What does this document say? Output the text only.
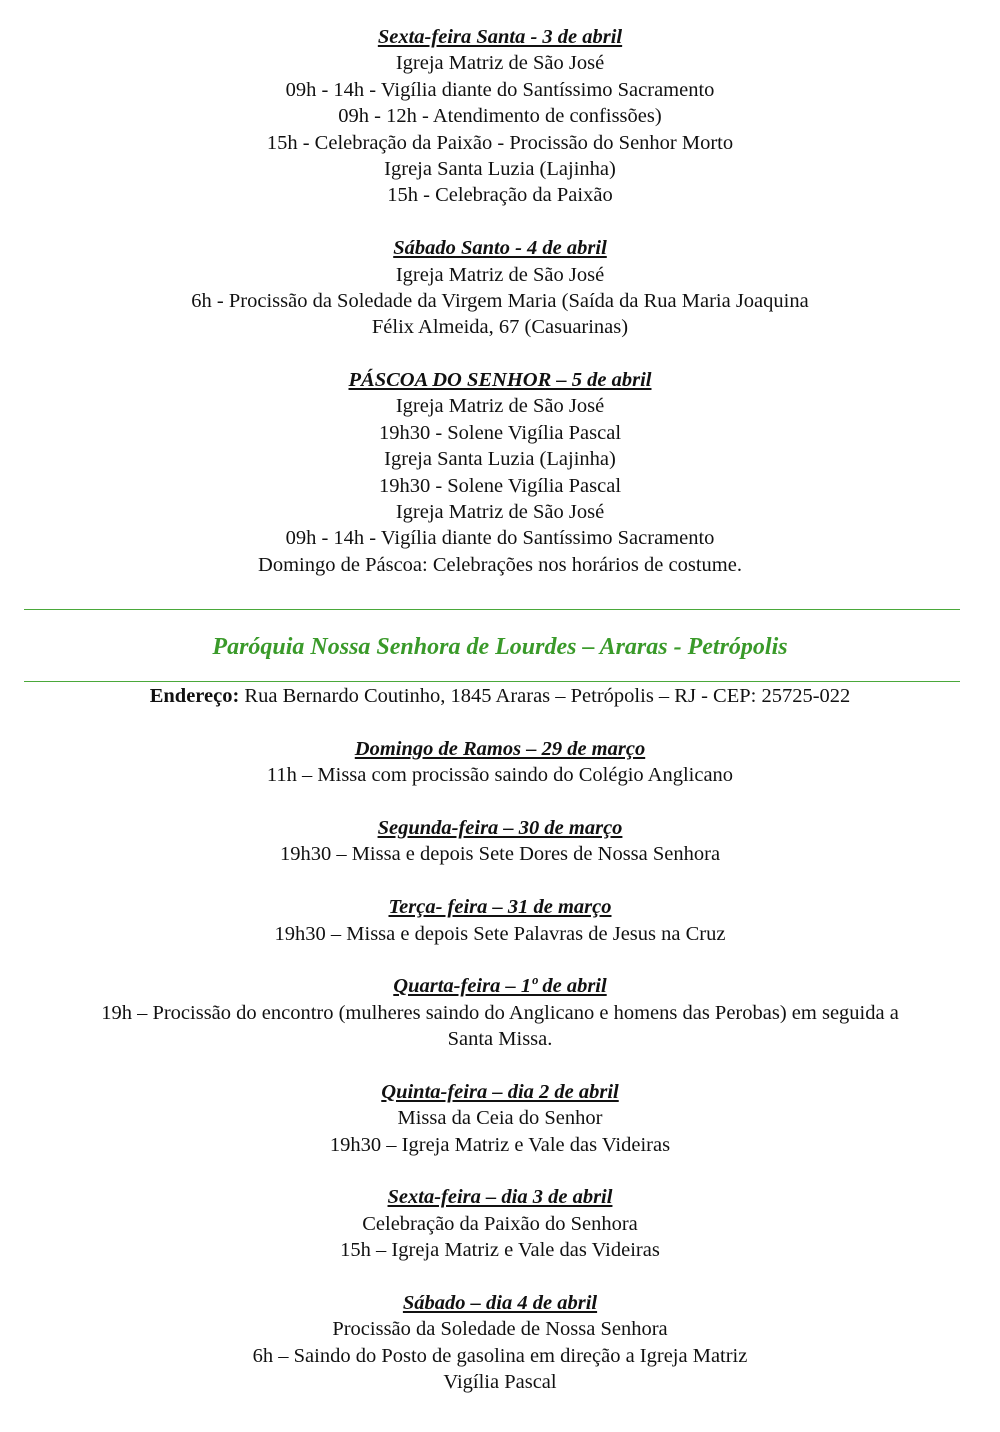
Sexta-feira Santa - 3 de abril
Igreja Matriz de São José
09h - 14h - Vigília diante do Santíssimo Sacramento
09h - 12h - Atendimento de confissões)
15h - Celebração da Paixão - Procissão do Senhor Morto
Igreja Santa Luzia (Lajinha)
15h - Celebração da Paixão
Sábado Santo - 4 de abril
Igreja Matriz de São José
6h - Procissão da Soledade da Virgem Maria (Saída da Rua Maria Joaquina
Félix Almeida, 67 (Casuarinas)
PÁSCOA DO SENHOR – 5 de abril
Igreja Matriz de São José
19h30 - Solene Vigília Pascal
Igreja Santa Luzia (Lajinha)
19h30 - Solene Vigília Pascal
Igreja Matriz de São José
09h - 14h - Vigília diante do Santíssimo Sacramento
Domingo de Páscoa: Celebrações nos horários de costume.
Paróquia Nossa Senhora de Lourdes – Araras - Petrópolis
Endereço: Rua Bernardo Coutinho, 1845 Araras – Petrópolis – RJ - CEP: 25725-022
Domingo de Ramos – 29 de março
11h – Missa com procissão saindo do Colégio Anglicano
Segunda-feira – 30 de março
19h30 – Missa e depois Sete Dores de Nossa Senhora
Terça- feira – 31 de março
19h30 – Missa e depois Sete Palavras de Jesus na Cruz
Quarta-feira – 1º de abril
19h – Procissão do encontro (mulheres saindo do Anglicano e homens das Perobas) em seguida a
Santa Missa.
Quinta-feira – dia 2 de abril
Missa da Ceia do Senhor
19h30 – Igreja Matriz e Vale das Videiras
Sexta-feira – dia 3 de abril
Celebração da Paixão do Senhora
15h – Igreja Matriz e Vale das Videiras
Sábado – dia 4 de abril
Procissão da Soledade de Nossa Senhora
6h – Saindo do Posto de gasolina em direção a Igreja Matriz
Vigília Pascal
